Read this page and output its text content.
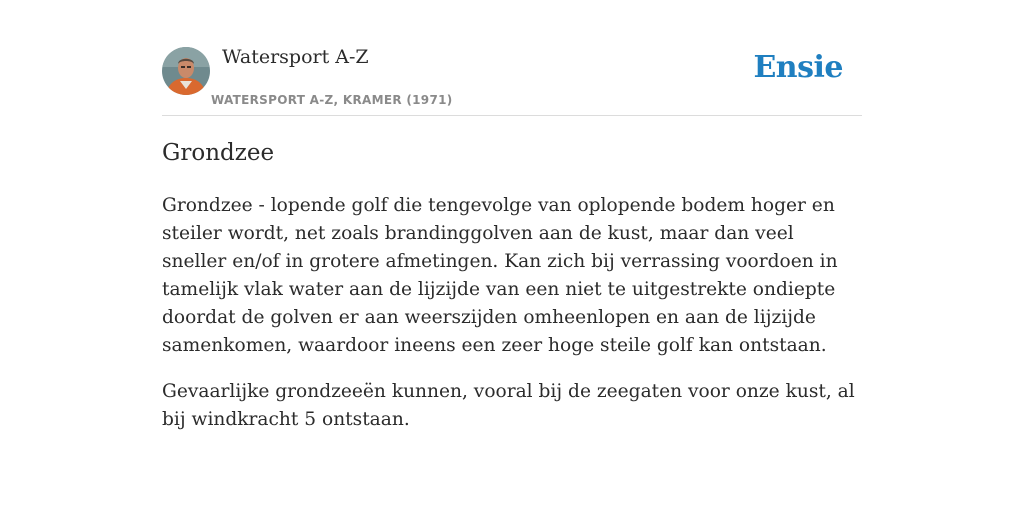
Watersport A-Z
WATERSPORT A-Z, KRAMER (1971)
Ensie
Grondzee

Grondzee - lopende golf die tengevolge van oplopende bodem hoger en steiler wordt, net zoals brandinggolven aan de kust, maar dan veel sneller en/of in grotere afmetingen. Kan zich bij verrassing voordoen in tamelijk vlak water aan de lijzijde van een niet te uitgestrekte ondiepte doordat de golven er aan weerszijden omheenlopen en aan de lijzijde samenkomen, waardoor ineens een zeer hoge steile golf kan ontstaan.

Gevaarlijke grondzeeën kunnen, vooral bij de zeegaten voor onze kust, al bij windkracht 5 ontstaan.
